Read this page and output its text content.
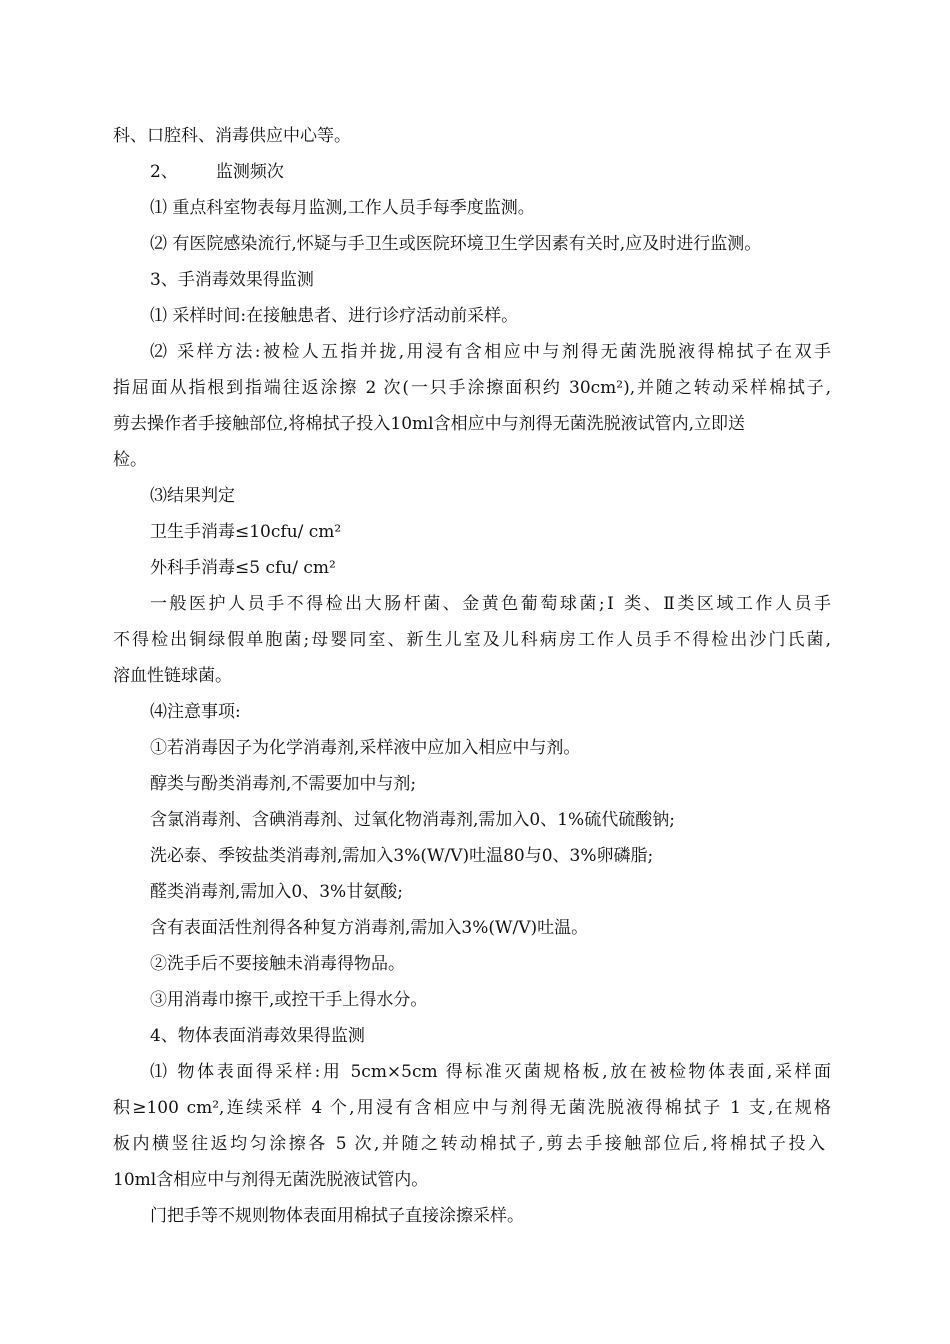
科、口腔科、消毒供应中心等。
2、 监测频次
⑴ 重点科室物表每月监测,工作人员手每季度监测。
⑵ 有医院感染流行,怀疑与手卫生或医院环境卫生学因素有关时,应及时进行监测。
3、手消毒效果得监测
⑴ 采样时间:在接触患者、进行诊疗活动前采样。
⑵ 采样方法:被检人五指并拢,用浸有含相应中与剂得无菌洗脱液得棉拭子在双手
指屈面从指根到指端往返涂擦 2 次(一只手涂擦面积约 30cm²),并随之转动采样棉拭子,
剪去操作者手接触部位,将棉拭子投入10ml含相应中与剂得无菌洗脱液试管内,立即送
检。
⑶结果判定
卫生手消毒≤10cfu/ cm²
外科手消毒≤5 cfu/ cm²
一般医护人员手不得检出大肠杆菌、金黄色葡萄球菌;Ⅰ 类、Ⅱ类区域工作人员手
不得检出铜绿假单胞菌;母婴同室、新生儿室及儿科病房工作人员手不得检出沙门氏菌,
溶血性链球菌。
⑷注意事项:
①若消毒因子为化学消毒剂,采样液中应加入相应中与剂。
醇类与酚类消毒剂,不需要加中与剂;
含氯消毒剂、含碘消毒剂、过氧化物消毒剂,需加入0、1%硫代硫酸钠;
洗必泰、季铵盐类消毒剂,需加入3%(W/V)吐温80与0、3%卵磷脂;
醛类消毒剂,需加入0、3%甘氨酸;
含有表面活性剂得各种复方消毒剂,需加入3%(W/V)吐温。
②洗手后不要接触未消毒得物品。
③用消毒巾擦干,或控干手上得水分。
4、物体表面消毒效果得监测
⑴ 物体表面得采样:用 5cm×5cm 得标准灭菌规格板,放在被检物体表面,采样面
积≥100 cm²,连续采样 4 个,用浸有含相应中与剂得无菌洗脱液得棉拭子 1 支,在规格
板内横竖往返均匀涂擦各 5 次,并随之转动棉拭子,剪去手接触部位后,将棉拭子投入
10ml含相应中与剂得无菌洗脱液试管内。
门把手等不规则物体表面用棉拭子直接涂擦采样。
